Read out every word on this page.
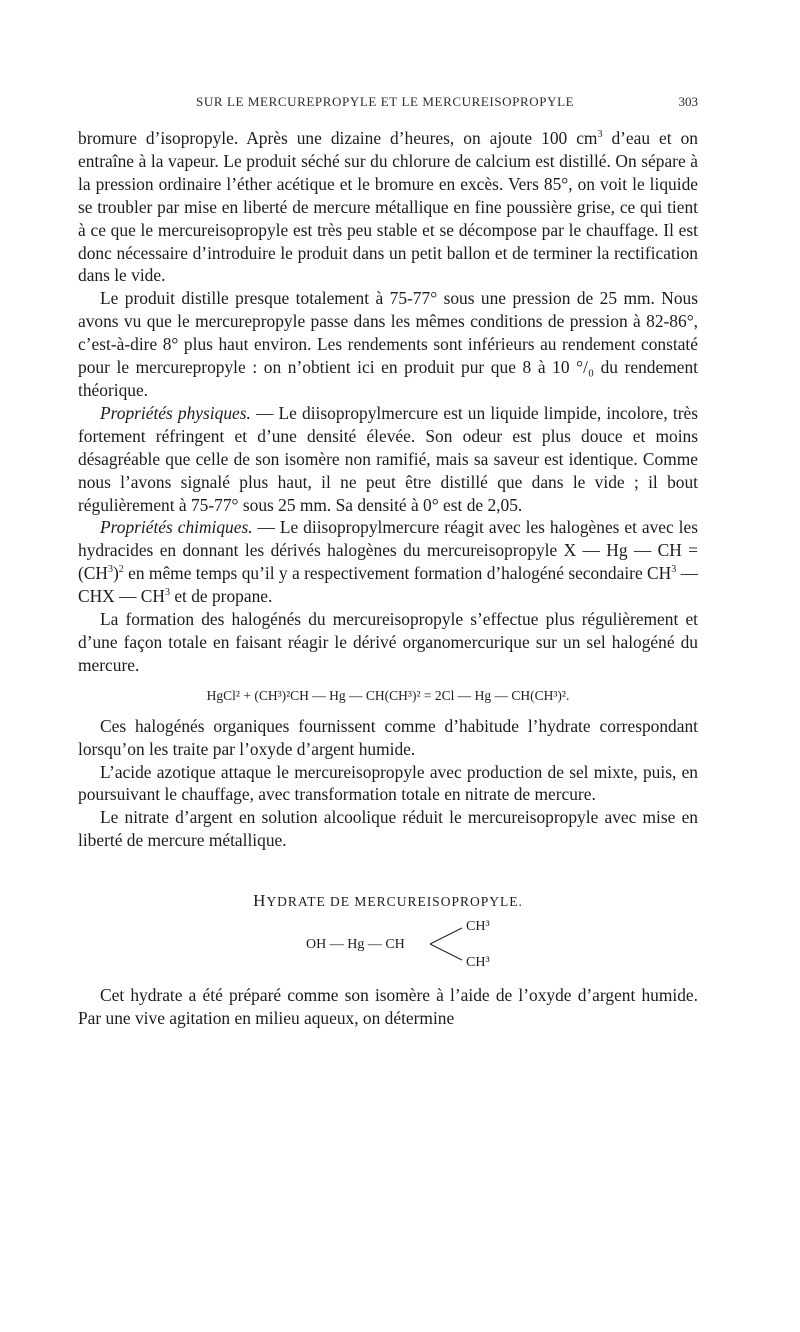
SUR LE MERCUREPROPYLE ET LE MERCUREISOPROPYLE	303

bromure d’isopropyle. Après une dizaine d’heures, on ajoute 100 $cm^3$ d’eau et on entraîne à la vapeur. Le produit séché sur du chlorure de calcium est distillé. On sépare à la pression ordinaire l’éther acétique et le bromure en excès. Vers 85°, on voit le liquide se troubler par mise en liberté de mercure métallique en fine poussière grise, ce qui tient à ce que le mercureisopropyle est très peu stable et se décompose par le chauffage. Il est donc nécessaire d’introduire le produit dans un petit ballon et de terminer la rectification dans le vide.

Le produit distille presque totalement à 75-77° sous une pression de 25 mm. Nous avons vu que le mercurepropyle passe dans les mêmes conditions de pression à 82-86°, c’est-à-dire 8° plus haut environ. Les rendements sont inférieurs au rendement constaté pour le mercurepropyle : on n’obtient ici en produit pur que 8 à 10 °/₀ du rendement théorique.

Propriétés physiques. — Le diisopropylmercure est un liquide limpide, incolore, très fortement réfringent et d’une densité élevée. Son odeur est plus douce et moins désagréable que celle de son isomère non ramifié, mais sa saveur est identique. Comme nous l’avons signalé plus haut, il ne peut être distillé que dans le vide ; il bout régulièrement à 75-77° sous 25 mm. Sa densité à 0° est de 2,05.

Propriétés chimiques. — Le diisopropylmercure réagit avec les halogènes et avec les hydracides en donnant les dérivés halogènes du mercureisopropyle X — Hg — CH = $(CH^3)^2$ en même temps qu’il y a respectivement formation d’halogéné secondaire $CH^3$ — CHX — $CH^3$ et de propane.

La formation des halogénés du mercureisopropyle s’effectue plus régulièrement et d’une façon totale en faisant réagir le dérivé organomercurique sur un sel halogéné du mercure.

HgCl² + (CH³)²CH — Hg — CH(CH³)² = 2Cl — Hg — CH(CH³)².

Ces halogénés organiques fournissent comme d’habitude l’hydrate correspondant lorsqu’on les traite par l’oxyde d’argent humide.

L’acide azotique attaque le mercureisopropyle avec production de sel mixte, puis, en poursuivant le chauffage, avec transformation totale en nitrate de mercure.

Le nitrate d’argent en solution alcoolique réduit le mercureisopropyle avec mise en liberté de mercure métallique.

HYDRATE DE MERCUREISOPROPYLE.
OH — Hg — CH
CH³
CH³

Cet hydrate a été préparé comme son isomère à l’aide de l’oxyde d’argent humide. Par une vive agitation en milieu aqueux, on détermine
